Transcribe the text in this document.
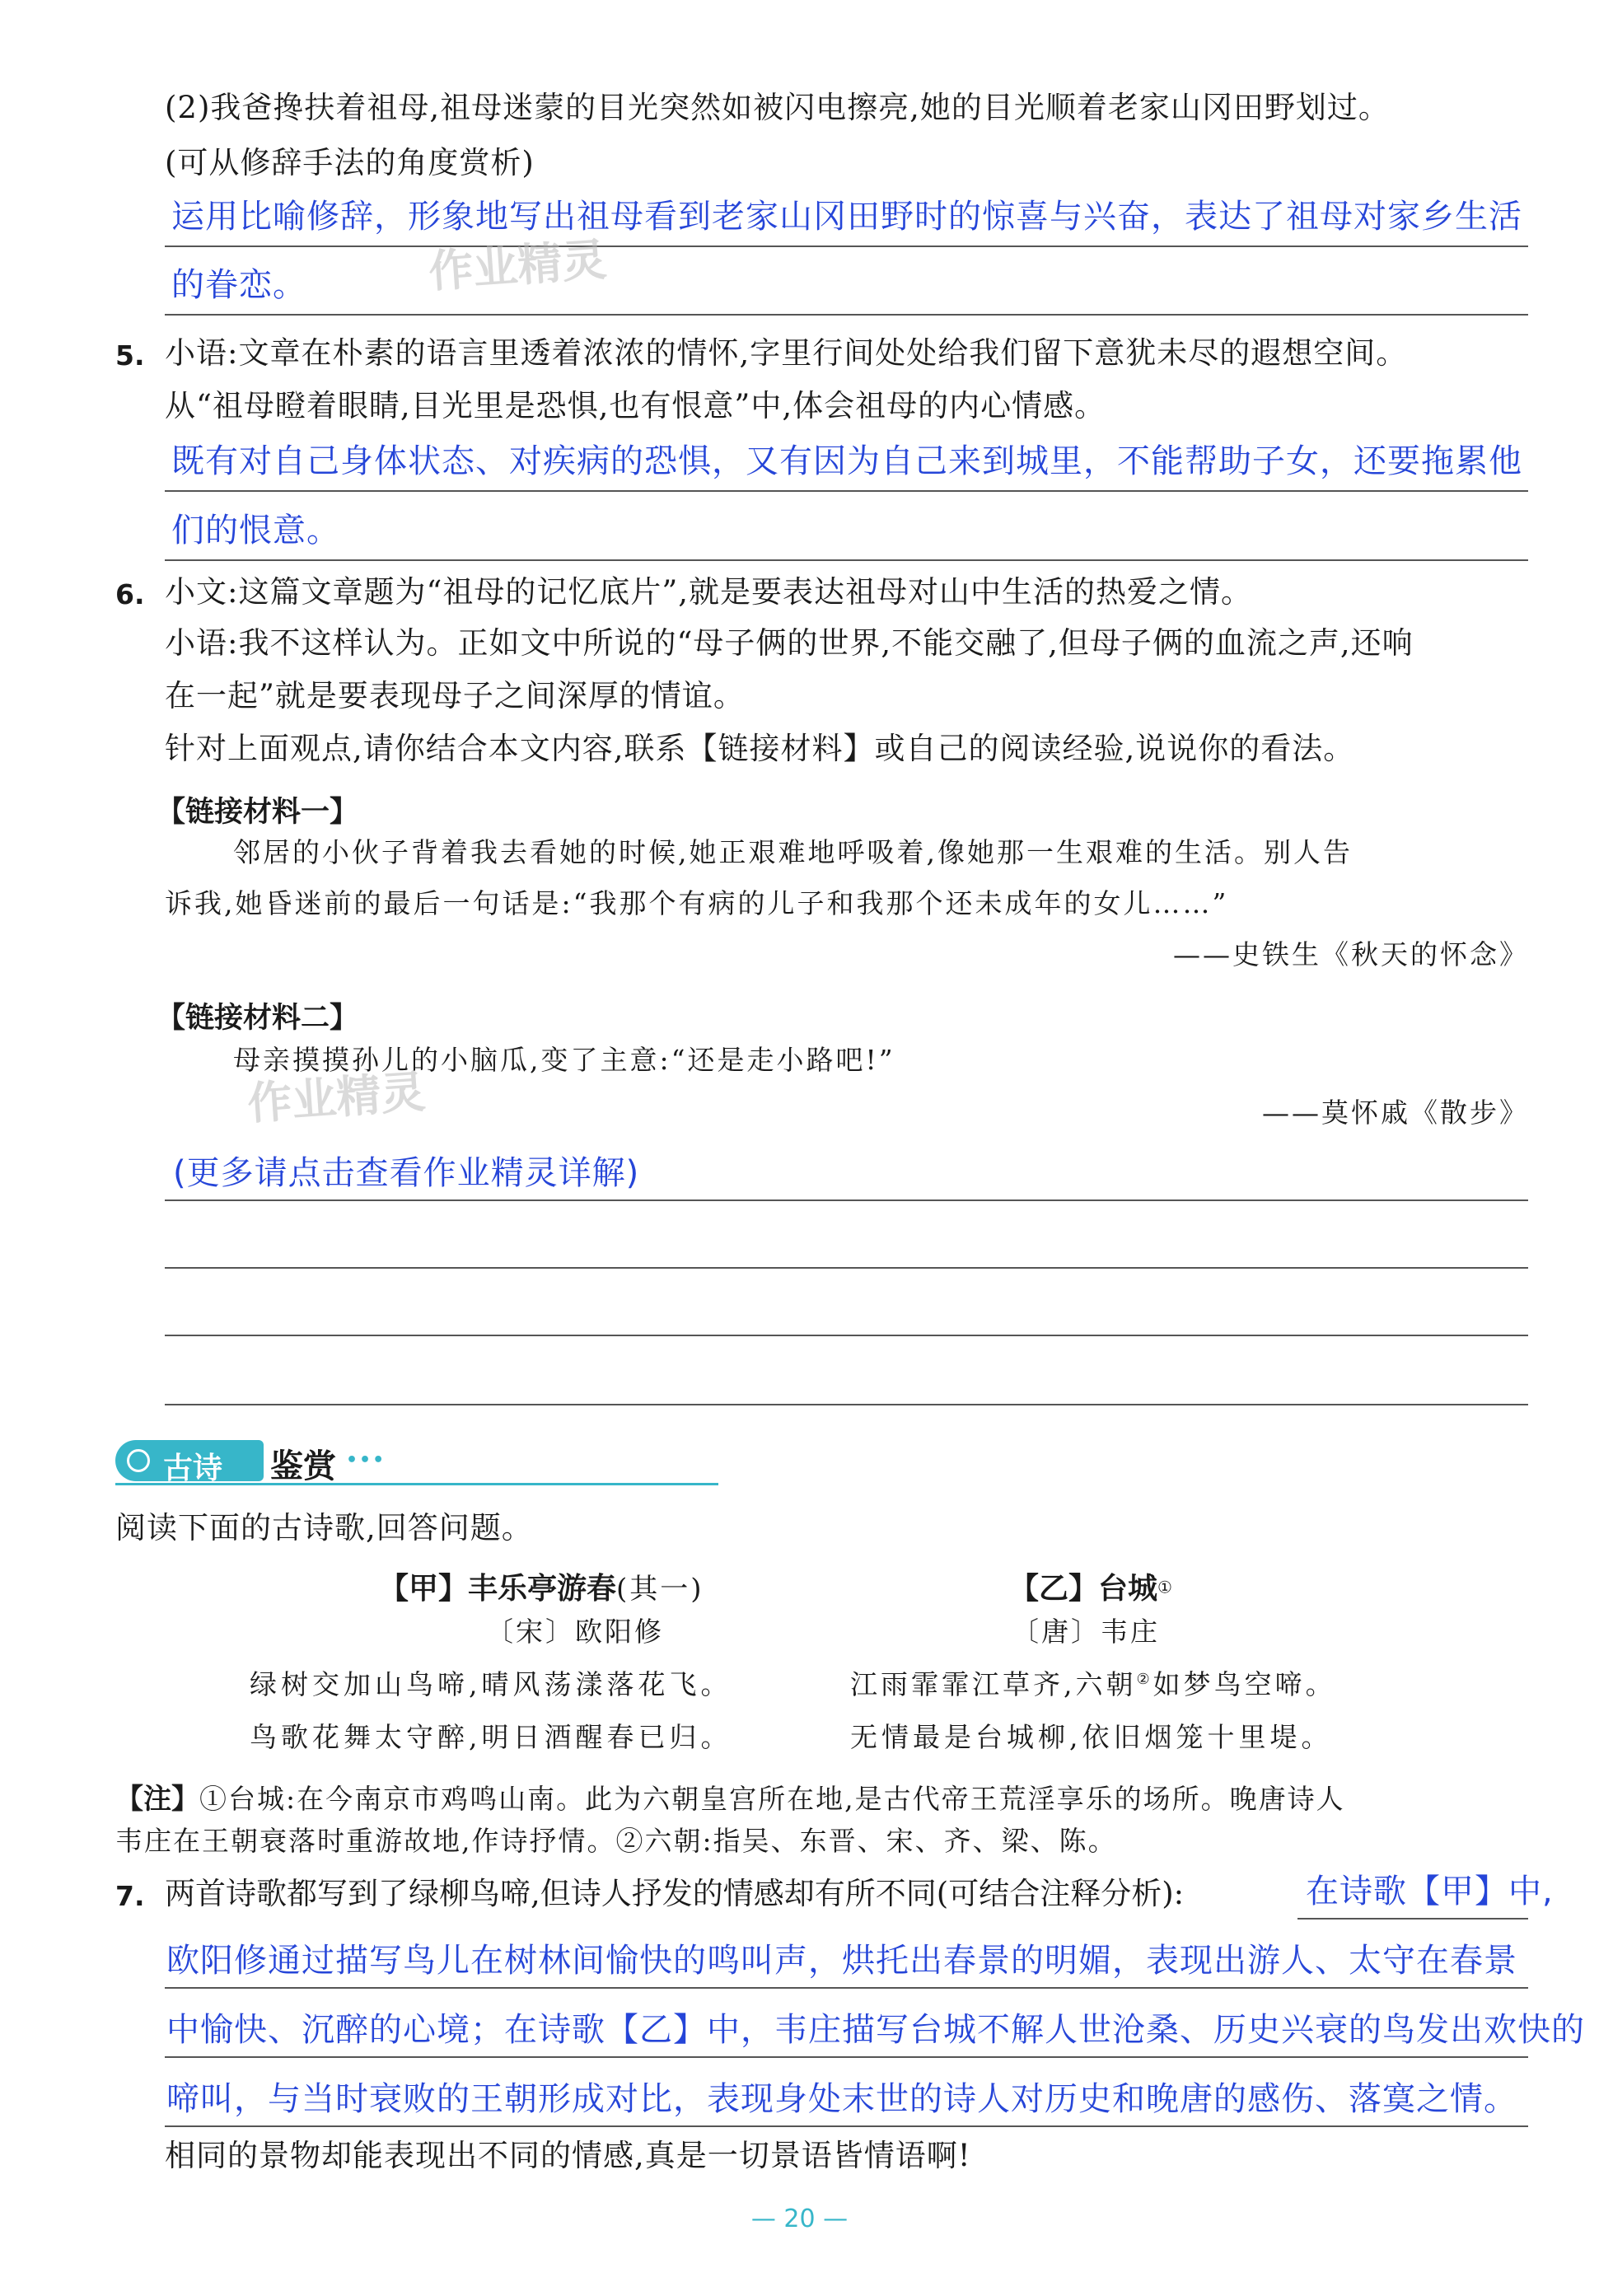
(2)我爸搀扶着祖母,祖母迷蒙的目光突然如被闪电擦亮,她的目光顺着老家山冈田野划过。
(可从修辞手法的角度赏析)
运用比喻修辞，形象地写出祖母看到老家山冈田野时的惊喜与兴奋，表达了祖母对家乡生活
的眷恋。	作业精灵
5. 小语:文章在朴素的语言里透着浓浓的情怀,字里行间处处给我们留下意犹未尽的遐想空间。
从“祖母瞪着眼睛,目光里是恐惧,也有恨意”中,体会祖母的内心情感。
既有对自己身体状态、对疾病的恐惧，又有因为自己来到城里，不能帮助子女，还要拖累他
们的恨意。
6. 小文:这篇文章题为“祖母的记忆底片”,就是要表达祖母对山中生活的热爱之情。
小语:我不这样认为。正如文中所说的“母子俩的世界,不能交融了,但母子俩的血流之声,还响
在一起”就是要表现母子之间深厚的情谊。
针对上面观点,请你结合本文内容,联系【链接材料】或自己的阅读经验,说说你的看法。
【链接材料一】
邻居的小伙子背着我去看她的时候,她正艰难地呼吸着,像她那一生艰难的生活。别人告
诉我,她昏迷前的最后一句话是:“我那个有病的儿子和我那个还未成年的女儿……”
——史铁生《秋天的怀念》
【链接材料二】
母亲摸摸孙儿的小脑瓜,变了主意:“还是走小路吧!”
——莫怀戚《散步》
作业精灵
(更多请点击查看作业精灵详解)
古诗 鉴赏 •••
阅读下面的古诗歌,回答问题。
【甲】丰乐亭游春(其一)
〔宋〕欧阳修
绿树交加山鸟啼,晴风荡漾落花飞。
鸟歌花舞太守醉,明日酒醒春已归。
【乙】台城①
〔唐〕韦庄
江雨霏霏江草齐,六朝②如梦鸟空啼。
无情最是台城柳,依旧烟笼十里堤。
【注】①台城:在今南京市鸡鸣山南。此为六朝皇宫所在地,是古代帝王荒淫享乐的场所。晚唐诗人
韦庄在王朝衰落时重游故地,作诗抒情。②六朝:指吴、东晋、宋、齐、梁、陈。
7. 两首诗歌都写到了绿柳鸟啼,但诗人抒发的情感却有所不同(可结合注释分析):	在诗歌【甲】中,
欧阳修通过描写鸟儿在树林间愉快的鸣叫声，烘托出春景的明媚，表现出游人、太守在春景
中愉快、沉醉的心境；在诗歌【乙】中，韦庄描写台城不解人世沧桑、历史兴衰的鸟发出欢快的
啼叫，与当时衰败的王朝形成对比，表现身处末世的诗人对历史和晚唐的感伤、落寞之情。
相同的景物却能表现出不同的情感,真是一切景语皆情语啊!
— 20 —
